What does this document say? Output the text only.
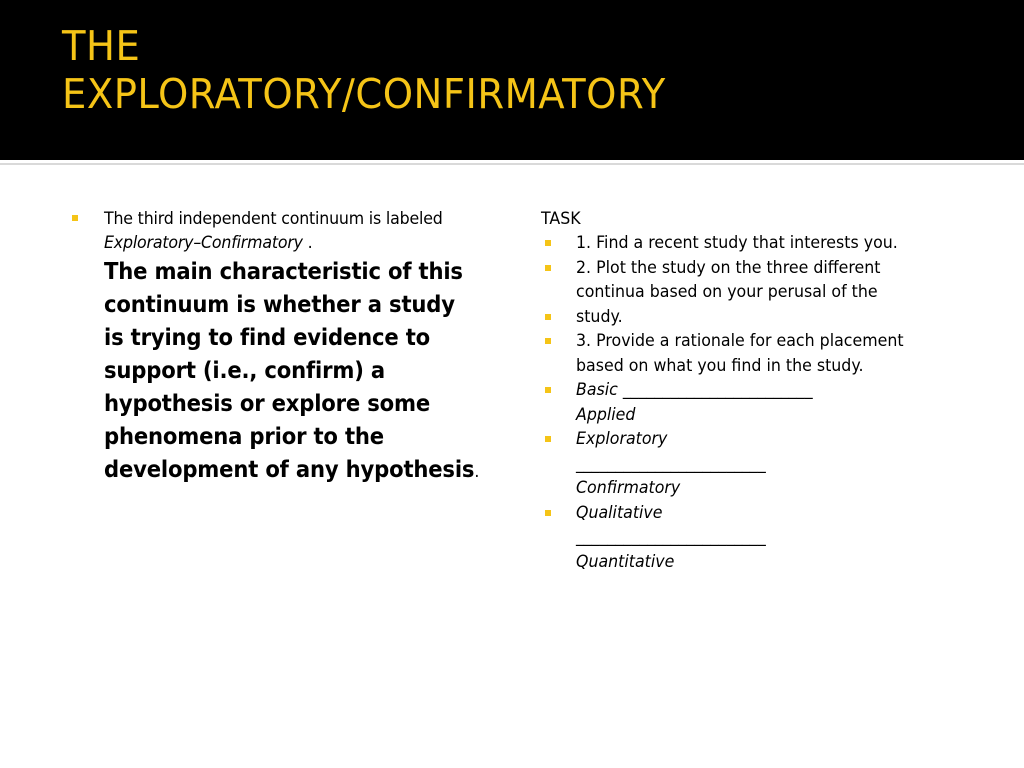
THE
EXPLORATORY/CONFIRMATORY
The third independent continuum is labeled Exploratory–Confirmatory .
The main characteristic of this continuum is whether a study is trying to find evidence to support (i.e., confirm) a hypothesis or explore some phenomena prior to the development of any hypothesis.
TASK
1. Find a recent study that interests you.
2. Plot the study on the three different continua based on your perusal of the
study.
3. Provide a rationale for each placement based on what you find in the study.
Basic ________________________
Applied
Exploratory
________________________
Confirmatory
Qualitative
________________________
Quantitative
